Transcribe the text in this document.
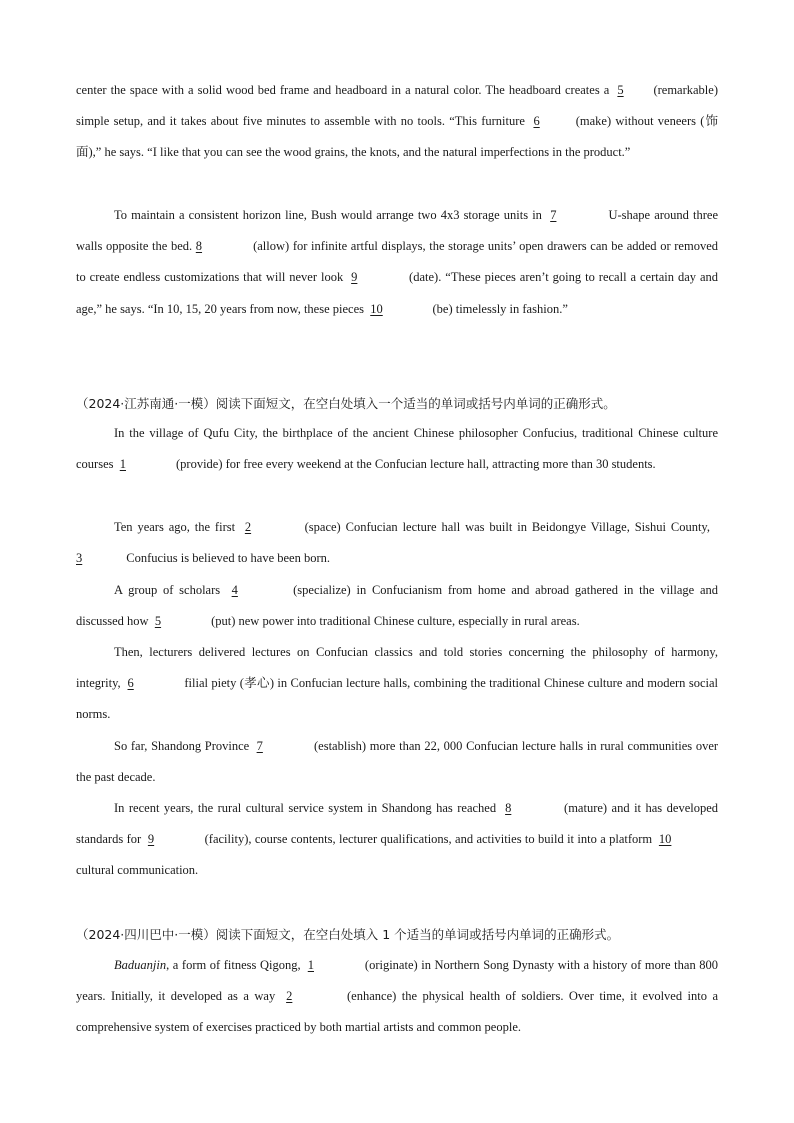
center the space with a solid wood bed frame and headboard in a natural color. The headboard creates a 5 (remarkable) simple setup, and it takes about five minutes to assemble with no tools. “This furniture 6	(make) without veneers (饰面),” he says. “I like that you can see the wood grains, the knots, and the natural imperfections in the product.”

To maintain a consistent horizon line, Bush would arrange two 4x3 storage units in 7	U-shape around three walls opposite the bed. 8	(allow) for infinite artful displays, the storage units’ open drawers can be added or removed to create endless customizations that will never look 9	(date). “These pieces aren’t going to recall a certain day and age,” he says. “In 10, 15, 20 years from now, these pieces 10	(be) timelessly in fashion.”

（2024·江苏南通·一模）阅读下面短文，在空白处填入一个适当的单词或括号内单词的正确形式。

In the village of Qufu City, the birthplace of the ancient Chinese philosopher Confucius, traditional Chinese culture courses 1	(provide) for free every weekend at the Confucian lecture hall, attracting more than 30 students.

Ten years ago, the first 2	(space) Confucian lecture hall was built in Beidongye Village, Sishui County,  3	Confucius is believed to have been born.

A group of scholars 4	(specialize) in Confucianism from home and abroad gathered in the village and discussed how 5	(put) new power into traditional Chinese culture, especially in rural areas.

Then, lecturers delivered lectures on Confucian classics and told stories concerning the philosophy of harmony, integrity, 6	filial piety (孝心) in Confucian lecture halls, combining the traditional Chinese culture and modern social norms.

So far, Shandong Province 7	(establish) more than 22, 000 Confucian lecture halls in rural communities over the past decade.

In recent years, the rural cultural service system in Shandong has reached 8	(mature) and it has developed standards for 9	(facility), course contents, lecturer qualifications, and activities to build it into a platform 10  cultural communication.

（2024·四川巴中·一模）阅读下面短文，在空白处填入 1 个适当的单词或括号内单词的正确形式。

Baduanjin, a form of fitness Qigong, 1	(originate) in Northern Song Dynasty with a history of more than 800 years. Initially, it developed as a way 2	(enhance) the physical health of soldiers. Over time, it evolved into a comprehensive system of exercises practiced by both martial artists and common people.
